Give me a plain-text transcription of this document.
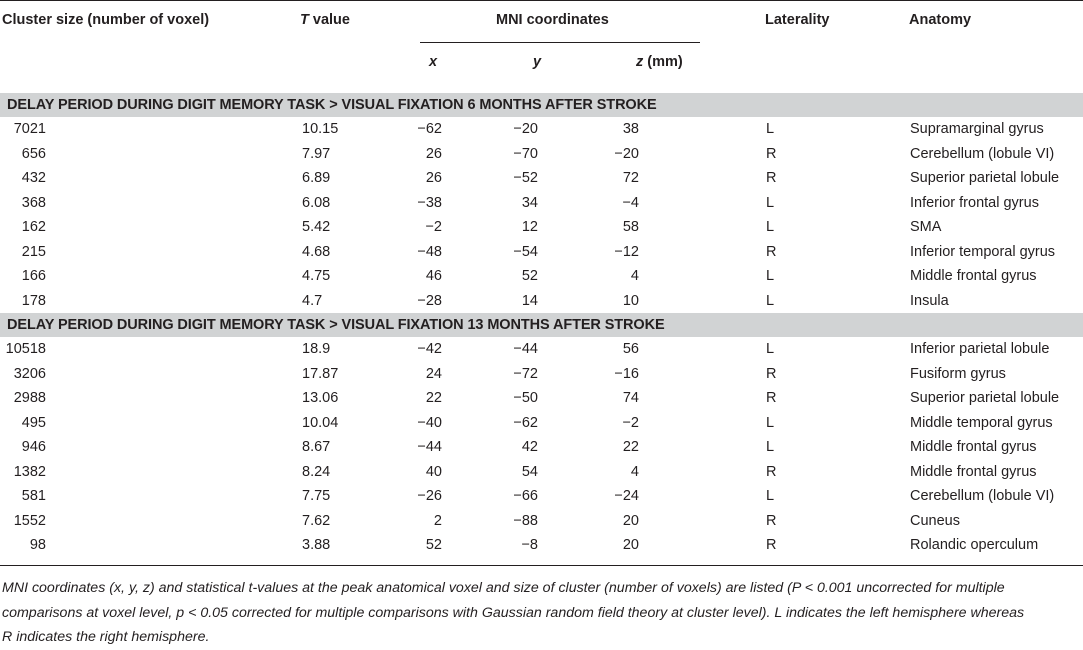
Cluster size (number of voxel)	T value	MNI coordinates
x	y	z (mm)
Laterality	Anatomy
DELAY PERIOD DURING DIGIT MEMORY TASK > VISUAL FIXATION 6 MONTHS AFTER STROKE
7021	10.15	−62	−20	38	L	Supramarginal gyrus
656	7.97	26	−70	−20	R	Cerebellum (lobule VI)
432	6.89	26	−52	72	R	Superior parietal lobule
368	6.08	−38	34	−4	L	Inferior frontal gyrus
162	5.42	−2	12	58	L	SMA
215	4.68	−48	−54	−12	R	Inferior temporal gyrus
166	4.75	46	52	4	L	Middle frontal gyrus
178	4.7	−28	14	10	L	Insula
DELAY PERIOD DURING DIGIT MEMORY TASK > VISUAL FIXATION 13 MONTHS AFTER STROKE
10518	18.9	−42	−44	56	L	Inferior parietal lobule
3206	17.87	24	−72	−16	R	Fusiform gyrus
2988	13.06	22	−50	74	R	Superior parietal lobule
495	10.04	−40	−62	−2	L	Middle temporal gyrus
946	8.67	−44	42	22	L	Middle frontal gyrus
1382	8.24	40	54	4	R	Middle frontal gyrus
581	7.75	−26	−66	−24	L	Cerebellum (lobule VI)
1552	7.62	2	−88	20	R	Cuneus
98	3.88	52	−8	20	R	Rolandic operculum
MNI coordinates (x, y, z) and statistical t-values at the peak anatomical voxel and size of cluster (number of voxels) are listed (P < 0.001 uncorrected for multiple
comparisons at voxel level, p < 0.05 corrected for multiple comparisons with Gaussian random field theory at cluster level). L indicates the left hemisphere whereas
R indicates the right hemisphere.
